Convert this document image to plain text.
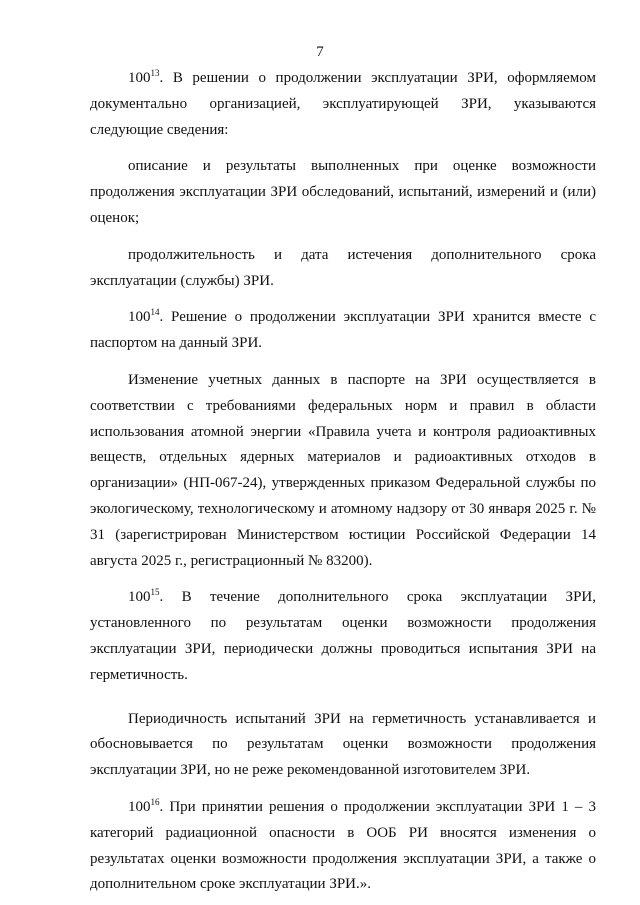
7

$100^{13}$. В решении о продолжении эксплуатации ЗРИ, оформляемом документально организацией, эксплуатирующей ЗРИ, указываются следующие сведения:

описание и результаты выполненных при оценке возможности продолжения эксплуатации ЗРИ обследований, испытаний, измерений и (или) оценок;

продолжительность и дата истечения дополнительного срока эксплуатации (службы) ЗРИ.

$100^{14}$. Решение о продолжении эксплуатации ЗРИ хранится вместе с паспортом на данный ЗРИ.

Изменение учетных данных в паспорте на ЗРИ осуществляется в соответствии с требованиями федеральных норм и правил в области использования атомной энергии «Правила учета и контроля радиоактивных веществ, отдельных ядерных материалов и радиоактивных отходов в организации» (НП-067-24), утвержденных приказом Федеральной службы по экологическому, технологическому и атомному надзору от 30 января 2025 г. № 31 (зарегистрирован Министерством юстиции Российской Федерации 14 августа 2025 г., регистрационный № 83200).

$100^{15}$. В течение дополнительного срока эксплуатации ЗРИ, установленного по результатам оценки возможности продолжения эксплуатации ЗРИ, периодически должны проводиться испытания ЗРИ на герметичность.

Периодичность испытаний ЗРИ на герметичность устанавливается и обосновывается по результатам оценки возможности продолжения эксплуатации ЗРИ, но не реже рекомендованной изготовителем ЗРИ.

$100^{16}$. При принятии решения о продолжении эксплуатации ЗРИ 1 – 3 категорий радиационной опасности в ООБ РИ вносятся изменения о результатах оценки возможности продолжения эксплуатации ЗРИ, а также о дополнительном сроке эксплуатации ЗРИ.».
